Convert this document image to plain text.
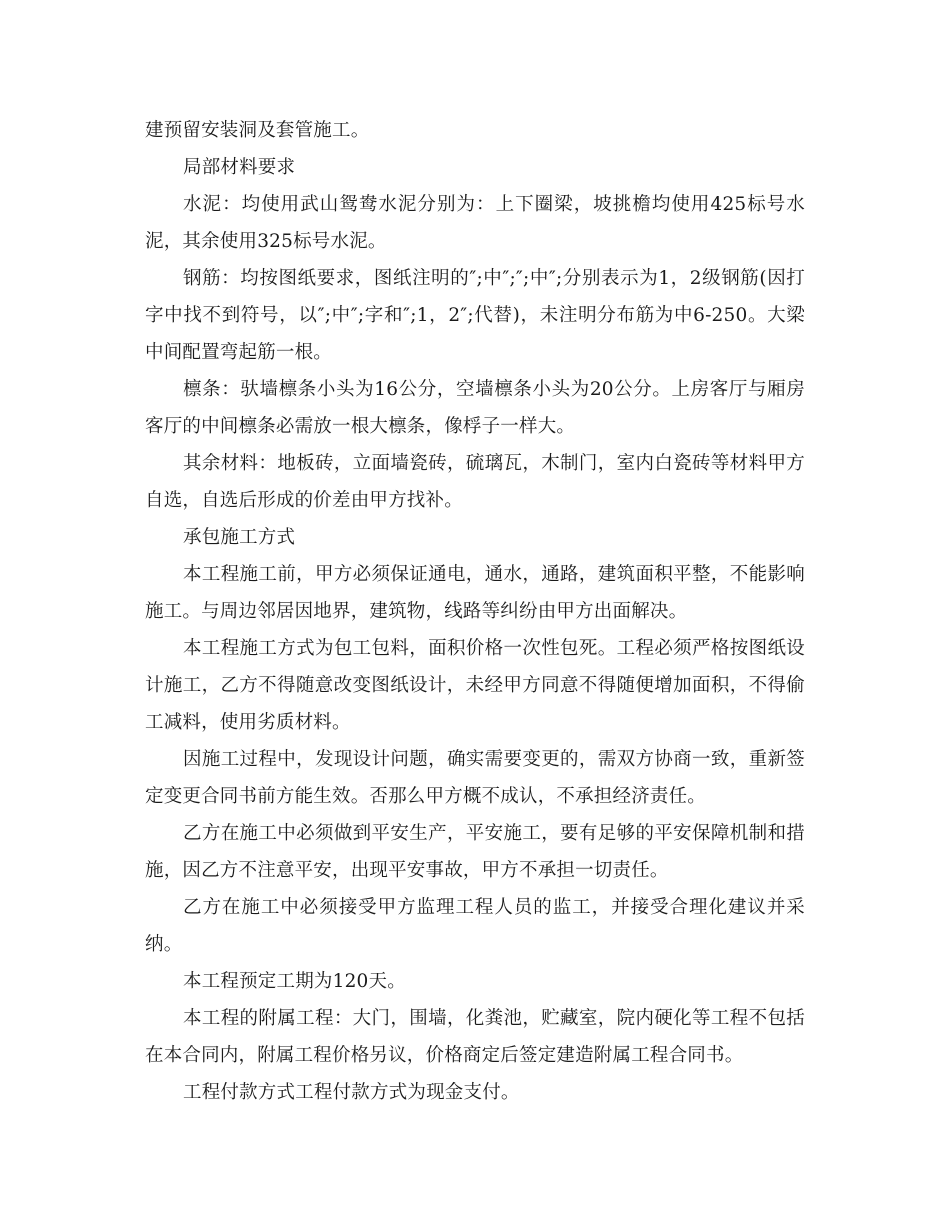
建预留安装洞及套管施工。

局部材料要求

水泥：均使用武山鸳鸯水泥分别为：上下圈梁，坡挑檐均使用425标号水泥，其余使用325标号水泥。

钢筋：均按图纸要求，图纸注明的″;中″;″;中″;分别表示为1，2级钢筋(因打字中找不到符号，以″;中″;字和″;1，2″;代替)，未注明分布筋为中6-250。大梁中间配置弯起筋一根。

檩条：驮墙檩条小头为16公分，空墙檩条小头为20公分。上房客厅与厢房客厅的中间檩条必需放一根大檩条，像桴子一样大。

其余材料：地板砖，立面墙瓷砖，硫璃瓦，木制门，室内白瓷砖等材料甲方自选，自选后形成的价差由甲方找补。

承包施工方式

本工程施工前，甲方必须保证通电，通水，通路，建筑面积平整，不能影响施工。与周边邻居因地界，建筑物，线路等纠纷由甲方出面解决。

本工程施工方式为包工包料，面积价格一次性包死。工程必须严格按图纸设计施工，乙方不得随意改变图纸设计，未经甲方同意不得随便增加面积，不得偷工减料，使用劣质材料。

因施工过程中，发现设计问题，确实需要变更的，需双方协商一致，重新签定变更合同书前方能生效。否那么甲方概不成认，不承担经济责任。

乙方在施工中必须做到平安生产，平安施工，要有足够的平安保障机制和措施，因乙方不注意平安，出现平安事故，甲方不承担一切责任。

乙方在施工中必须接受甲方监理工程人员的监工，并接受合理化建议并采纳。

本工程预定工期为120天。

本工程的附属工程：大门，围墙，化粪池，贮藏室，院内硬化等工程不包括在本合同内，附属工程价格另议，价格商定后签定建造附属工程合同书。

工程付款方式工程付款方式为现金支付。
